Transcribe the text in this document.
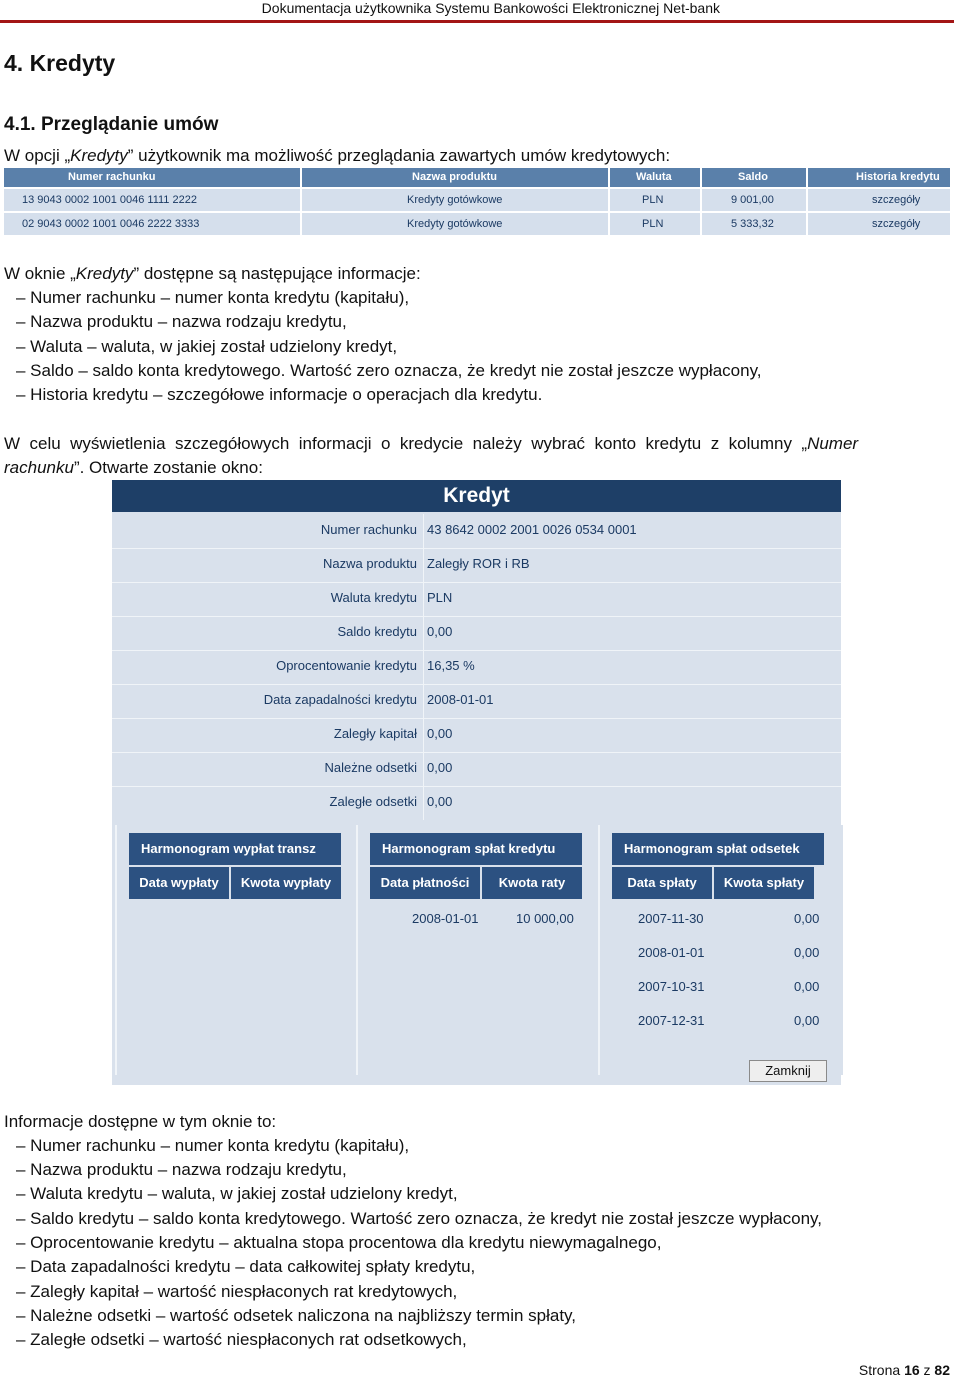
Dokumentacja użytkownika Systemu Bankowości Elektronicznej Net-bank
4. Kredyty
4.1. Przeglądanie umów
W opcji „Kredyty” użytkownik ma możliwość przeglądania zawartych umów kredytowych:
Numer rachunku	Nazwa produktu	Waluta	Saldo	Historia kredytu
13 9043 0002 1001 0046 1111 2222	Kredyty gotówkowe	PLN	9 001,00	szczegóły
02 9043 0002 1001 0046 2222 3333	Kredyty gotówkowe	PLN	5 333,32	szczegóły
W oknie „Kredyty” dostępne są następujące informacje:
– Numer rachunku – numer konta kredytu (kapitału),
– Nazwa produktu – nazwa rodzaju kredytu,
– Waluta – waluta, w jakiej został udzielony kredyt,
– Saldo – saldo konta kredytowego. Wartość zero oznacza, że kredyt nie został jeszcze wypłacony,
– Historia kredytu – szczegółowe informacje o operacjach dla kredytu.
W  celu  wyświetlenia  szczegółowych  informacji  o  kredycie  należy  wybrać  konto  kredytu  z  kolumny  „Numer
rachunku”. Otwarte zostanie okno:
Kredyt
Numer rachunku 43 8642 0002 2001 0026 0534 0001
Nazwa produktu Zaległy ROR i RB
Waluta kredytu PLN
Saldo kredytu 0,00
Oprocentowanie kredytu 16,35 %
Data zapadalności kredytu 2008-01-01
Zaległy kapitał 0,00
Należne odsetki 0,00
Zaległe odsetki 0,00
Harmonogram wypłat transz
Data wypłaty	Kwota wypłaty
Harmonogram spłat kredytu
Data płatności	Kwota raty
2008-01-01	10 000,00
Harmonogram spłat odsetek
Data spłaty	Kwota spłaty
2007-11-30	0,00
2008-01-01	0,00
2007-10-31	0,00
2007-12-31	0,00
Zamknij
Informacje dostępne w tym oknie to:
– Numer rachunku – numer konta kredytu (kapitału),
– Nazwa produktu – nazwa rodzaju kredytu,
– Waluta kredytu – waluta, w jakiej został udzielony kredyt,
– Saldo kredytu – saldo konta kredytowego. Wartość zero oznacza, że kredyt nie został jeszcze wypłacony,
– Oprocentowanie kredytu – aktualna stopa procentowa dla kredytu niewymagalnego,
– Data zapadalności kredytu – data całkowitej spłaty kredytu,
– Zaległy kapitał – wartość niespłaconych rat kredytowych,
– Należne odsetki – wartość odsetek naliczona na najbliższy termin spłaty,
– Zaległe odsetki – wartość niespłaconych rat odsetkowych,
Strona 16 z 82
